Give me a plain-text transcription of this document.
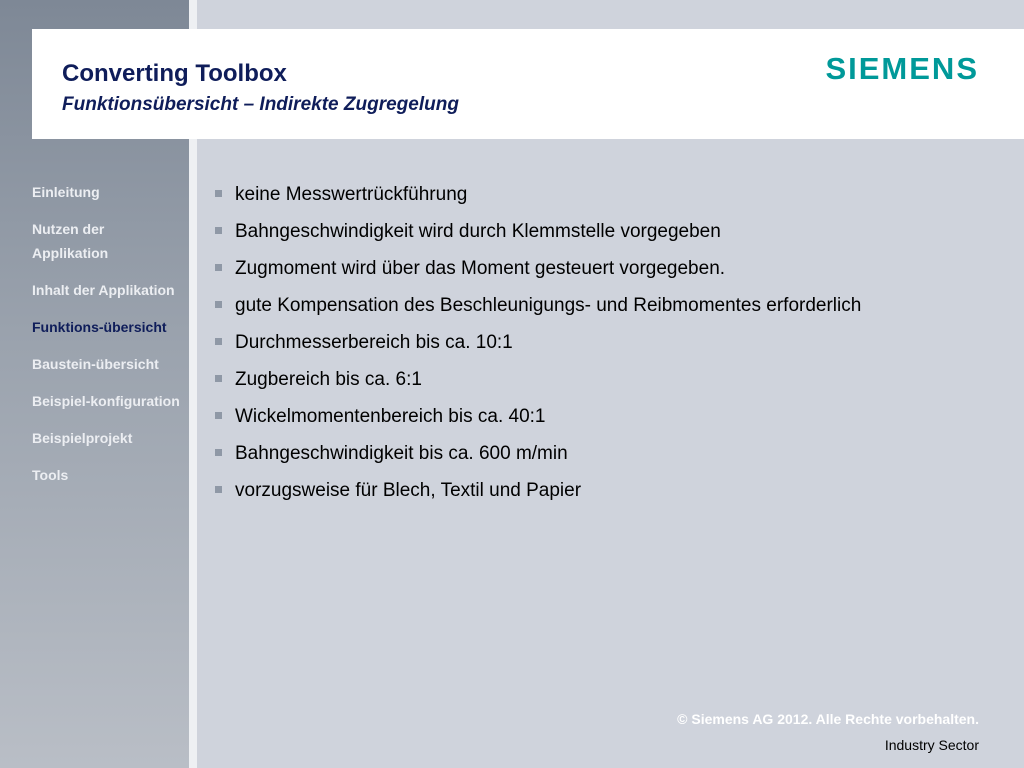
Converting Toolbox
Funktionsübersicht – Indirekte Zugregelung
SIEMENS
Einleitung
Nutzen der Applikation
Inhalt der Applikation
Funktions-übersicht
Baustein-übersicht
Beispiel-konfiguration
Beispielprojekt
Tools
keine Messwertrückführung
Bahngeschwindigkeit wird durch Klemmstelle vorgegeben
Zugmoment wird über das Moment gesteuert vorgegeben.
gute Kompensation des Beschleunigungs- und Reibmomentes erforderlich
Durchmesserbereich bis ca. 10:1
Zugbereich bis ca. 6:1
Wickelmomentenbereich bis ca. 40:1
Bahngeschwindigkeit bis ca. 600 m/min
vorzugsweise für Blech, Textil und Papier
© Siemens AG 2012. Alle Rechte vorbehalten.
Industry Sector
